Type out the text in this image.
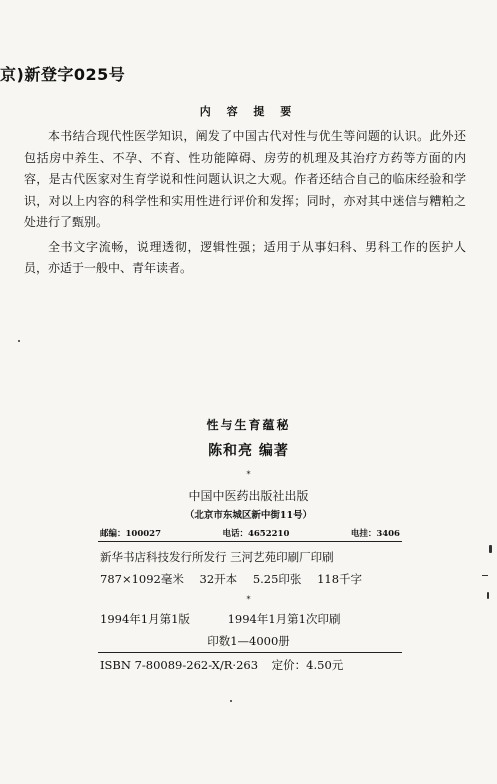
京)新登字025号
内 容 提 要

本书结合现代性医学知识，阐发了中国古代对性与优生等问题的认识。此外还包括房中养生、不孕、不育、性功能障碍、房劳的机理及其治疗方药等方面的内容，是古代医家对生育学说和性问题认识之大观。作者还结合自己的临床经验和学识，对以上内容的科学性和实用性进行评价和发挥；同时，亦对其中迷信与糟粕之处进行了甄别。

全书文字流畅，说理透彻，逻辑性强；适用于从事妇科、男科工作的医护人员，亦适于一般中、青年读者。

性与生育蕴秘
陈和亮 编著
*
中国中医药出版社出版
（北京市东城区新中街11号）
邮编：100027	电话：4652210	电挂：3406
新华书店科技发行所发行 三河艺苑印刷厂印刷
787×1092毫米 32开本 5.25印张 118千字
*
1994年1月第1版	1994年1月第1次印刷
印数1—4000册
ISBN 7-80089-262-X/R·263 定价：4.50元
